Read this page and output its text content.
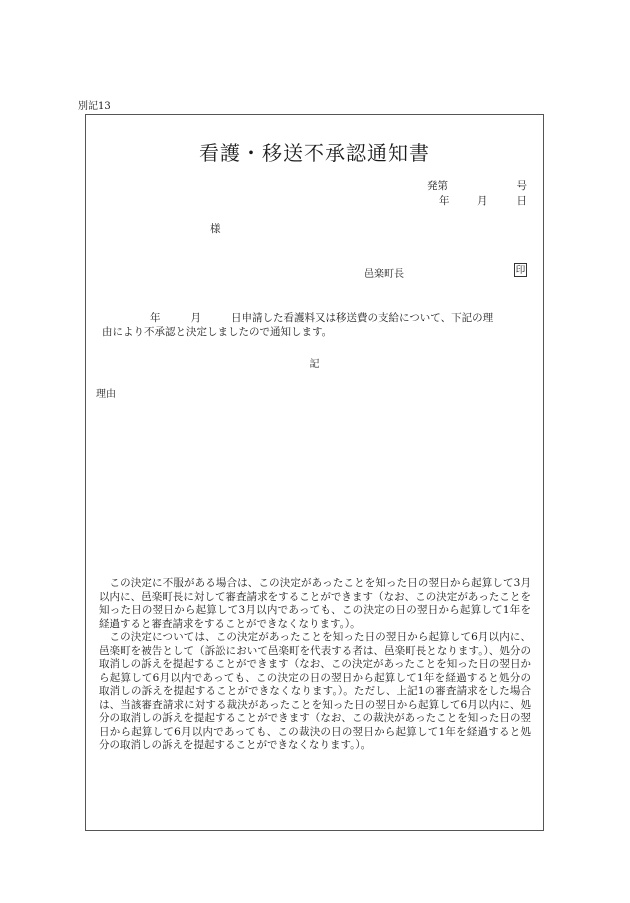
別記13
看護・移送不承認通知書
発第	号
年	月	日
様
邑楽町長	印
年	月	日申請した看護料又は移送費の支給について、下記の理
由により不承認と決定しましたので通知します。
記
理由

この決定に不服がある場合は、この決定があったことを知った日の翌日から起算して3月以内に、邑楽町長に対して審査請求をすることができます（なお、この決定があったことを知った日の翌日から起算して3月以内であっても、この決定の日の翌日から起算して1年を経過すると審査請求をすることができなくなります。）。

この決定については、この決定があったことを知った日の翌日から起算して6月以内に、邑楽町を被告として（訴訟において邑楽町を代表する者は、邑楽町長となります。）、処分の取消しの訴えを提起することができます（なお、この決定があったことを知った日の翌日から起算して6月以内であっても、この決定の日の翌日から起算して1年を経過すると処分の取消しの訴えを提起することができなくなります。）。ただし、上記1の審査請求をした場合は、当該審査請求に対する裁決があったことを知った日の翌日から起算して6月以内に、処分の取消しの訴えを提起することができます（なお、この裁決があったことを知った日の翌日から起算して6月以内であっても、この裁決の日の翌日から起算して1年を経過すると処分の取消しの訴えを提起することができなくなります。）。
